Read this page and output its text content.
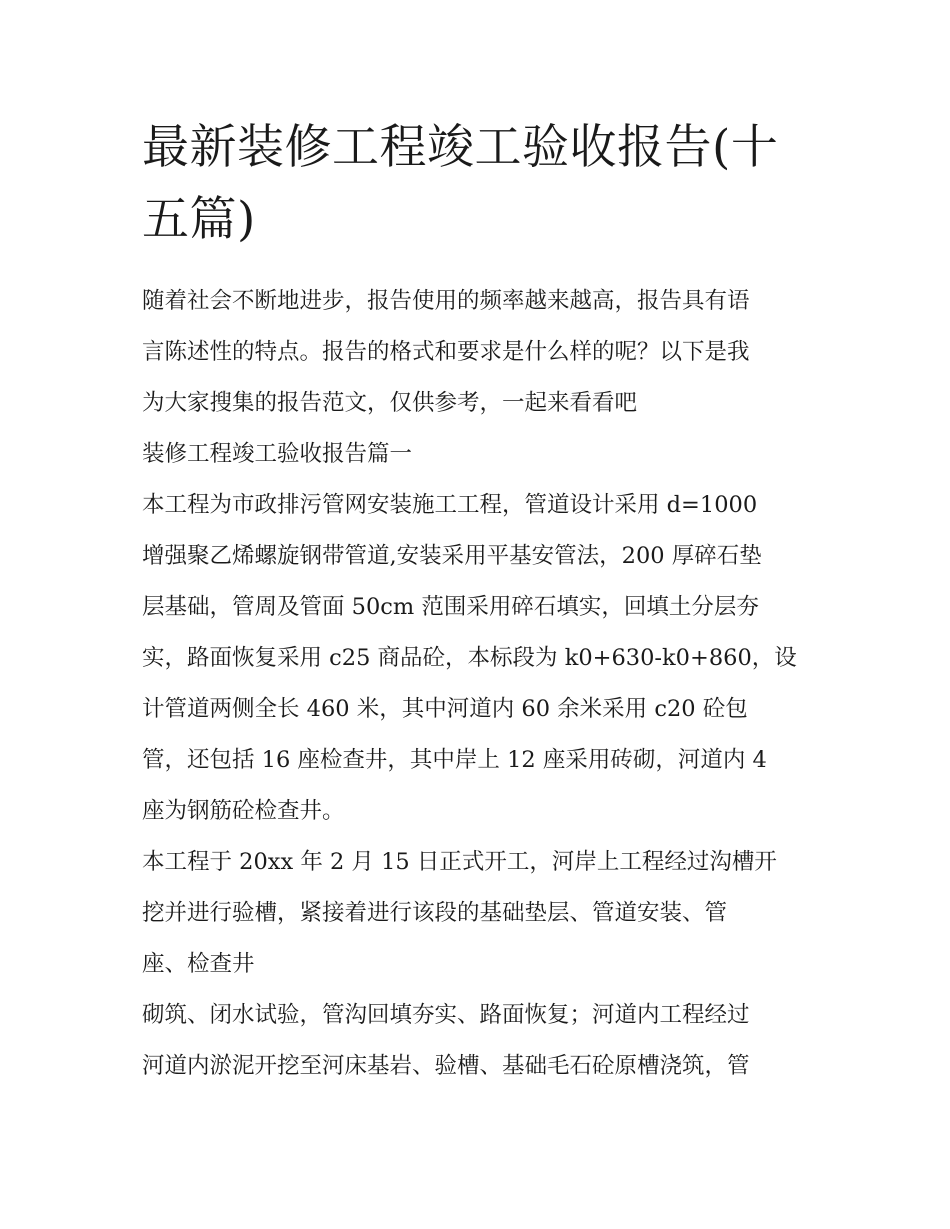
最新装修工程竣工验收报告(十
五篇)

随着社会不断地进步，报告使用的频率越来越高，报告具有语
言陈述性的特点。报告的格式和要求是什么样的呢？以下是我
为大家搜集的报告范文，仅供参考，一起来看看吧

装修工程竣工验收报告篇一

本工程为市政排污管网安装施工工程，管道设计采用 d=1000
增强聚乙烯螺旋钢带管道,安装采用平基安管法，200 厚碎石垫
层基础，管周及管面 50cm 范围采用碎石填实，回填土分层夯
实，路面恢复采用 c25 商品砼，本标段为 k0+630-k0+860，设
计管道两侧全长 460 米，其中河道内 60 余米采用 c20 砼包
管，还包括 16 座检查井，其中岸上 12 座采用砖砌，河道内 4
座为钢筋砼检查井。

本工程于 20xx 年 2 月 15 日正式开工，河岸上工程经过沟槽开
挖并进行验槽，紧接着进行该段的基础垫层、管道安装、管
座、检查井

砌筑、闭水试验，管沟回填夯实、路面恢复；河道内工程经过
河道内淤泥开挖至河床基岩、验槽、基础毛石砼原槽浇筑，管
